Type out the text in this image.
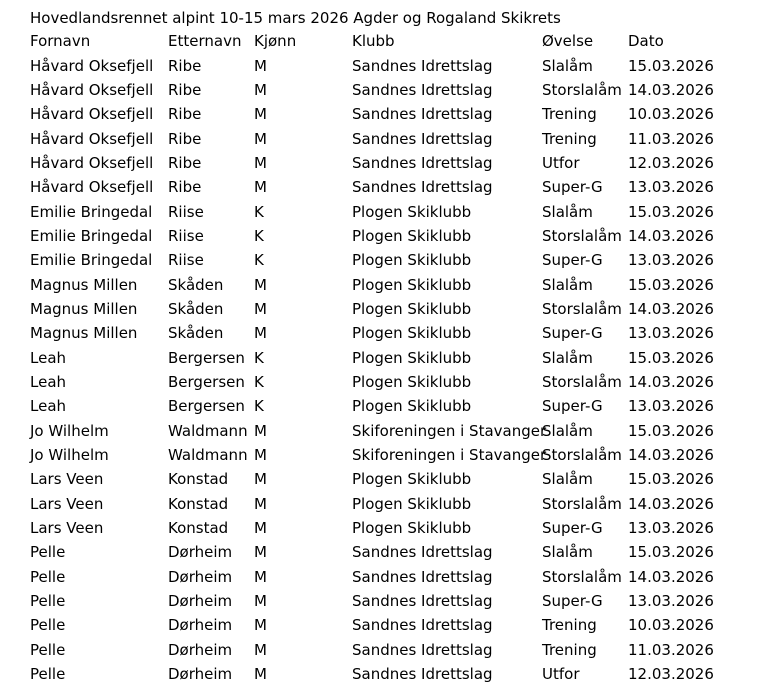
Hovedlandsrennet alpint 10-15 mars 2026 Agder og Rogaland Skikrets
Fornavn	Etternavn	Kjønn	Klubb	Øvelse	Dato
Håvard Oksefjell	Ribe	M	Sandnes Idrettslag	Slalåm	15.03.2026
Håvard Oksefjell	Ribe	M	Sandnes Idrettslag	Storslalåm	14.03.2026
Håvard Oksefjell	Ribe	M	Sandnes Idrettslag	Trening	10.03.2026
Håvard Oksefjell	Ribe	M	Sandnes Idrettslag	Trening	11.03.2026
Håvard Oksefjell	Ribe	M	Sandnes Idrettslag	Utfor	12.03.2026
Håvard Oksefjell	Ribe	M	Sandnes Idrettslag	Super-G	13.03.2026
Emilie Bringedal	Riise	K	Plogen Skiklubb	Slalåm	15.03.2026
Emilie Bringedal	Riise	K	Plogen Skiklubb	Storslalåm	14.03.2026
Emilie Bringedal	Riise	K	Plogen Skiklubb	Super-G	13.03.2026
Magnus Millen	Skåden	M	Plogen Skiklubb	Slalåm	15.03.2026
Magnus Millen	Skåden	M	Plogen Skiklubb	Storslalåm	14.03.2026
Magnus Millen	Skåden	M	Plogen Skiklubb	Super-G	13.03.2026
Leah	Bergersen	K	Plogen Skiklubb	Slalåm	15.03.2026
Leah	Bergersen	K	Plogen Skiklubb	Storslalåm	14.03.2026
Leah	Bergersen	K	Plogen Skiklubb	Super-G	13.03.2026
Jo Wilhelm	Waldmann	M	Skiforeningen i Stavanger	Slalåm	15.03.2026
Jo Wilhelm	Waldmann	M	Skiforeningen i Stavanger	Storslalåm	14.03.2026
Lars Veen	Konstad	M	Plogen Skiklubb	Slalåm	15.03.2026
Lars Veen	Konstad	M	Plogen Skiklubb	Storslalåm	14.03.2026
Lars Veen	Konstad	M	Plogen Skiklubb	Super-G	13.03.2026
Pelle	Dørheim	M	Sandnes Idrettslag	Slalåm	15.03.2026
Pelle	Dørheim	M	Sandnes Idrettslag	Storslalåm	14.03.2026
Pelle	Dørheim	M	Sandnes Idrettslag	Super-G	13.03.2026
Pelle	Dørheim	M	Sandnes Idrettslag	Trening	10.03.2026
Pelle	Dørheim	M	Sandnes Idrettslag	Trening	11.03.2026
Pelle	Dørheim	M	Sandnes Idrettslag	Utfor	12.03.2026
